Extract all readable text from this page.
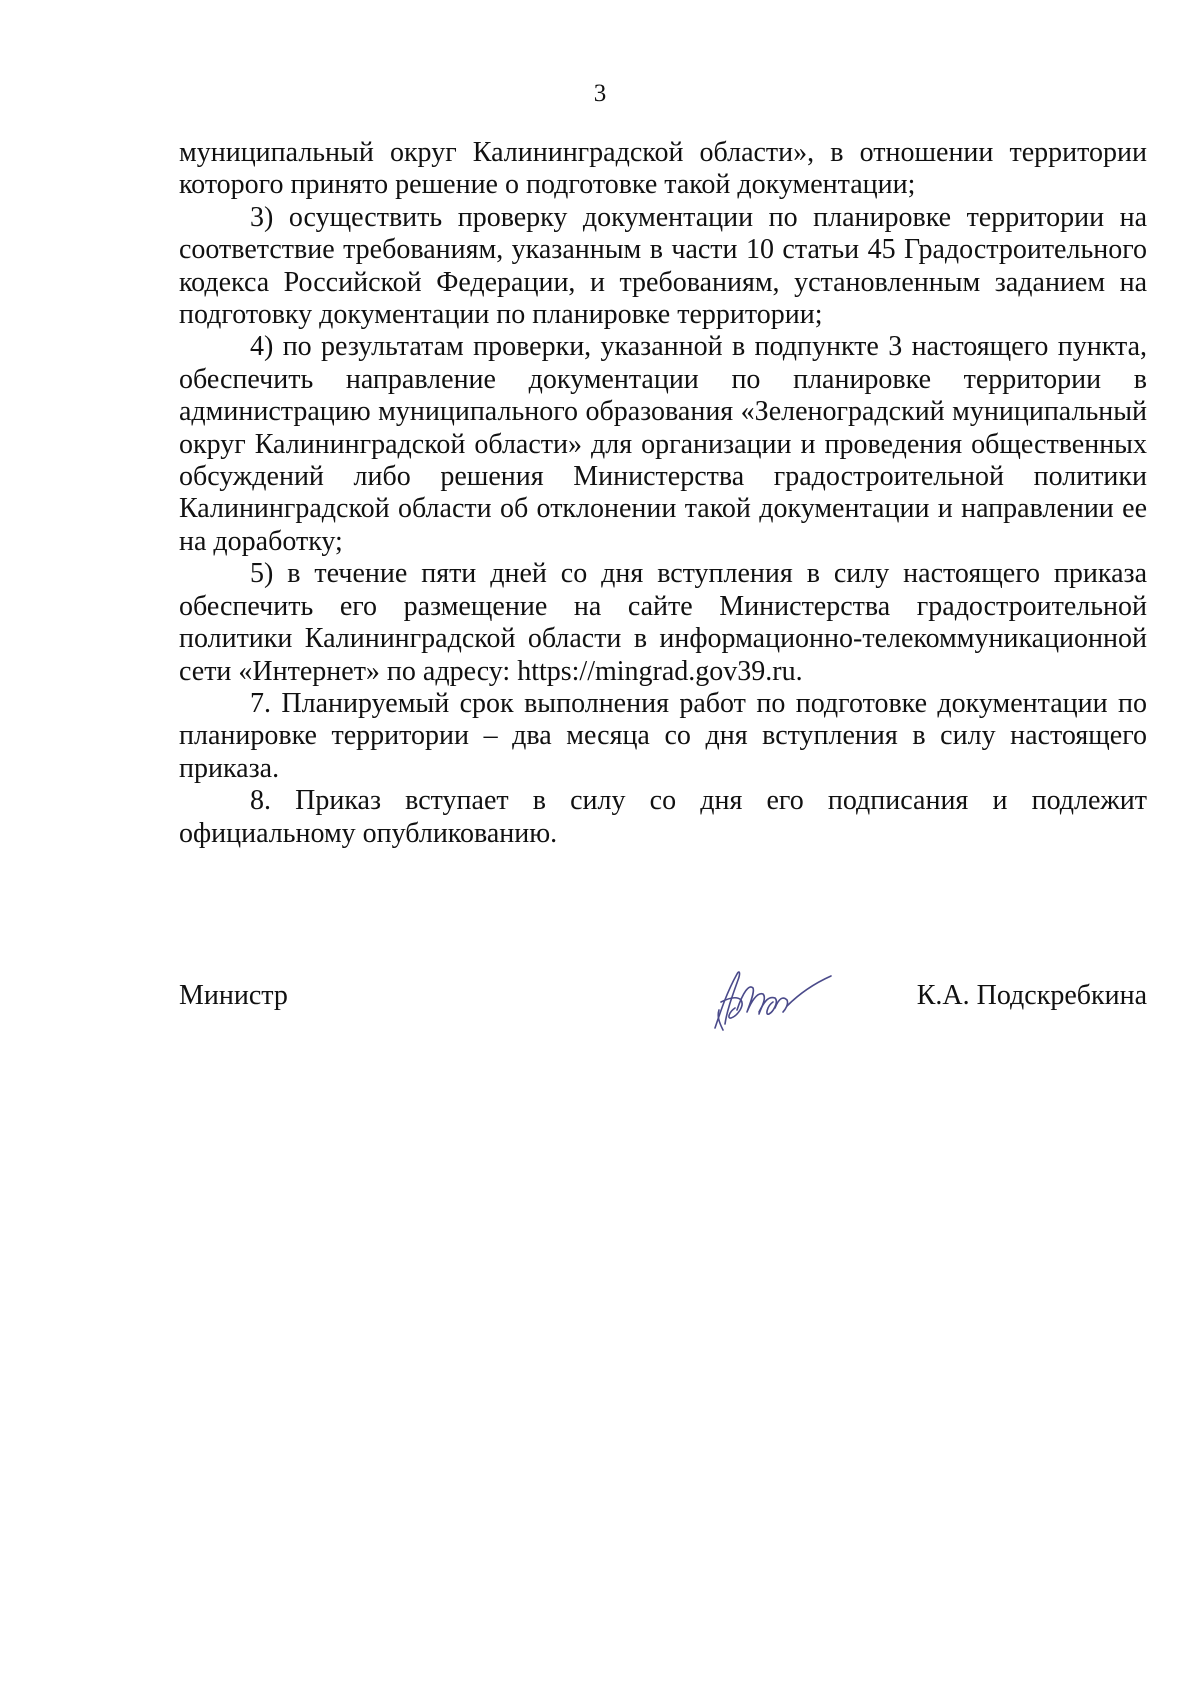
3

муниципальный округ Калининградской области», в отношении территории которого принято решение о подготовке такой документации;

3) осуществить проверку документации по планировке территории на соответствие требованиям, указанным в части 10 статьи 45 Градостроительного кодекса Российской Федерации, и требованиям, установленным заданием на подготовку документации по планировке территории;

4) по результатам проверки, указанной в подпункте 3 настоящего пункта, обеспечить направление документации по планировке территории в администрацию муниципального образования «Зеленоградский муниципальный округ Калининградской области» для организации и проведения общественных обсуждений либо решения Министерства градостроительной политики Калининградской области об отклонении такой документации и направлении ее на доработку;

5) в течение пяти дней со дня вступления в силу настоящего приказа обеспечить его размещение на сайте Министерства градостроительной политики Калининградской области в информационно-телекоммуникационной сети «Интернет» по адресу: https://mingrad.gov39.ru.

7. Планируемый срок выполнения работ по подготовке документации по планировке территории – два месяца со дня вступления в силу настоящего приказа.

8. Приказ вступает в силу со дня его подписания и подлежит официальному опубликованию.

Министр	К.А. Подскребкина
